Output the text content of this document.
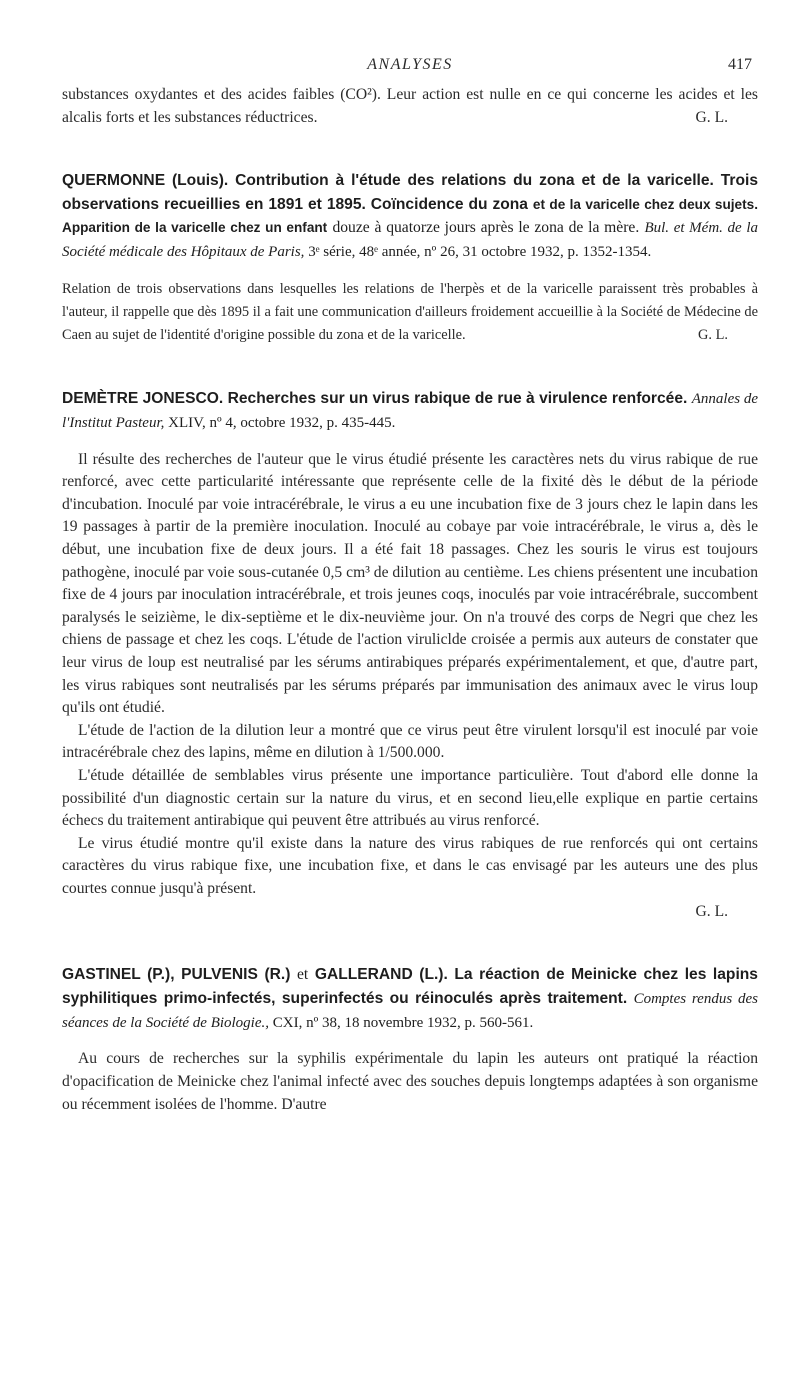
ANALYSES	417

substances oxydantes et des acides faibles (CO²). Leur action est nulle en ce qui concerne les acides et les alcalis forts et les substances réductrices.	G. L.

QUERMONNE (Louis). Contribution à l'étude des relations du zona et de la varicelle. Trois observations recueillies en 1891 et 1895. Coïncidence du zona et de la varicelle chez deux sujets. Apparition de la varicelle chez un enfant douze à quatorze jours après le zona de la mère. Bul. et Mém. de la Société médicale des Hôpitaux de Paris, 3ᵉ série, 48ᵉ année, nº 26, 31 octobre 1932, p. 1352-1354.

Relation de trois observations dans lesquelles les relations de l'herpès et de la varicelle paraissent très probables à l'auteur, il rappelle que dès 1895 il a fait une communication d'ailleurs froidement accueillie à la Société de Médecine de Caen au sujet de l'identité d'origine possible du zona et de la varicelle.	G. L.

DEMÈTRE JONESCO. Recherches sur un virus rabique de rue à virulence renforcée. Annales de l'Institut Pasteur, XLIV, nº 4, octobre 1932, p. 435-445.

Il résulte des recherches de l'auteur que le virus étudié présente les caractères nets du virus rabique de rue renforcé, avec cette particularité intéressante que représente celle de la fixité dès le début de la période d'incubation. Inoculé par voie intracérébrale, le virus a eu une incubation fixe de 3 jours chez le lapin dans les 19 passages à partir de la première inoculation. Inoculé au cobaye par voie intracérébrale, le virus a, dès le début, une incubation fixe de deux jours. Il a été fait 18 passages. Chez les souris le virus est toujours pathogène, inoculé par voie sous-cutanée 0,5 cm³ de dilution au centième. Les chiens présentent une incubation fixe de 4 jours par inoculation intracérébrale, et trois jeunes coqs, inoculés par voie intracérébrale, succombent paralysés le seizième, le dix-septième et le dix-neuvième jour. On n'a trouvé des corps de Negri que chez les chiens de passage et chez les coqs. L'étude de l'action viruliclde croisée a permis aux auteurs de constater que leur virus de loup est neutralisé par les sérums antirabiques préparés expérimentalement, et que, d'autre part, les virus rabiques sont neutralisés par les sérums préparés par immunisation des animaux avec le virus loup qu'ils ont étudié.

L'étude de l'action de la dilution leur a montré que ce virus peut être virulent lorsqu'il est inoculé par voie intracérébrale chez des lapins, même en dilution à 1/500.000.

L'étude détaillée de semblables virus présente une importance particulière. Tout d'abord elle donne la possibilité d'un diagnostic certain sur la nature du virus, et en second lieu,elle explique en partie certains échecs du traitement antirabique qui peuvent être attribués au virus renforcé.

Le virus étudié montre qu'il existe dans la nature des virus rabiques de rue renforcés qui ont certains caractères du virus rabique fixe, une incubation fixe, et dans le cas envisagé par les auteurs une des plus courtes connue jusqu'à présent.

G. L.

GASTINEL (P.), PULVENIS (R.) et GALLERAND (L.). La réaction de Meinicke chez les lapins syphilitiques primo-infectés, superinfectés ou réinoculés après traitement. Comptes rendus des séances de la Société de Biologie., CXI, nº 38, 18 novembre 1932, p. 560-561.

Au cours de recherches sur la syphilis expérimentale du lapin les auteurs ont pratiqué la réaction d'opacification de Meinicke chez l'animal infecté avec des souches depuis longtemps adaptées à son organisme ou récemment isolées de l'homme. D'autre
